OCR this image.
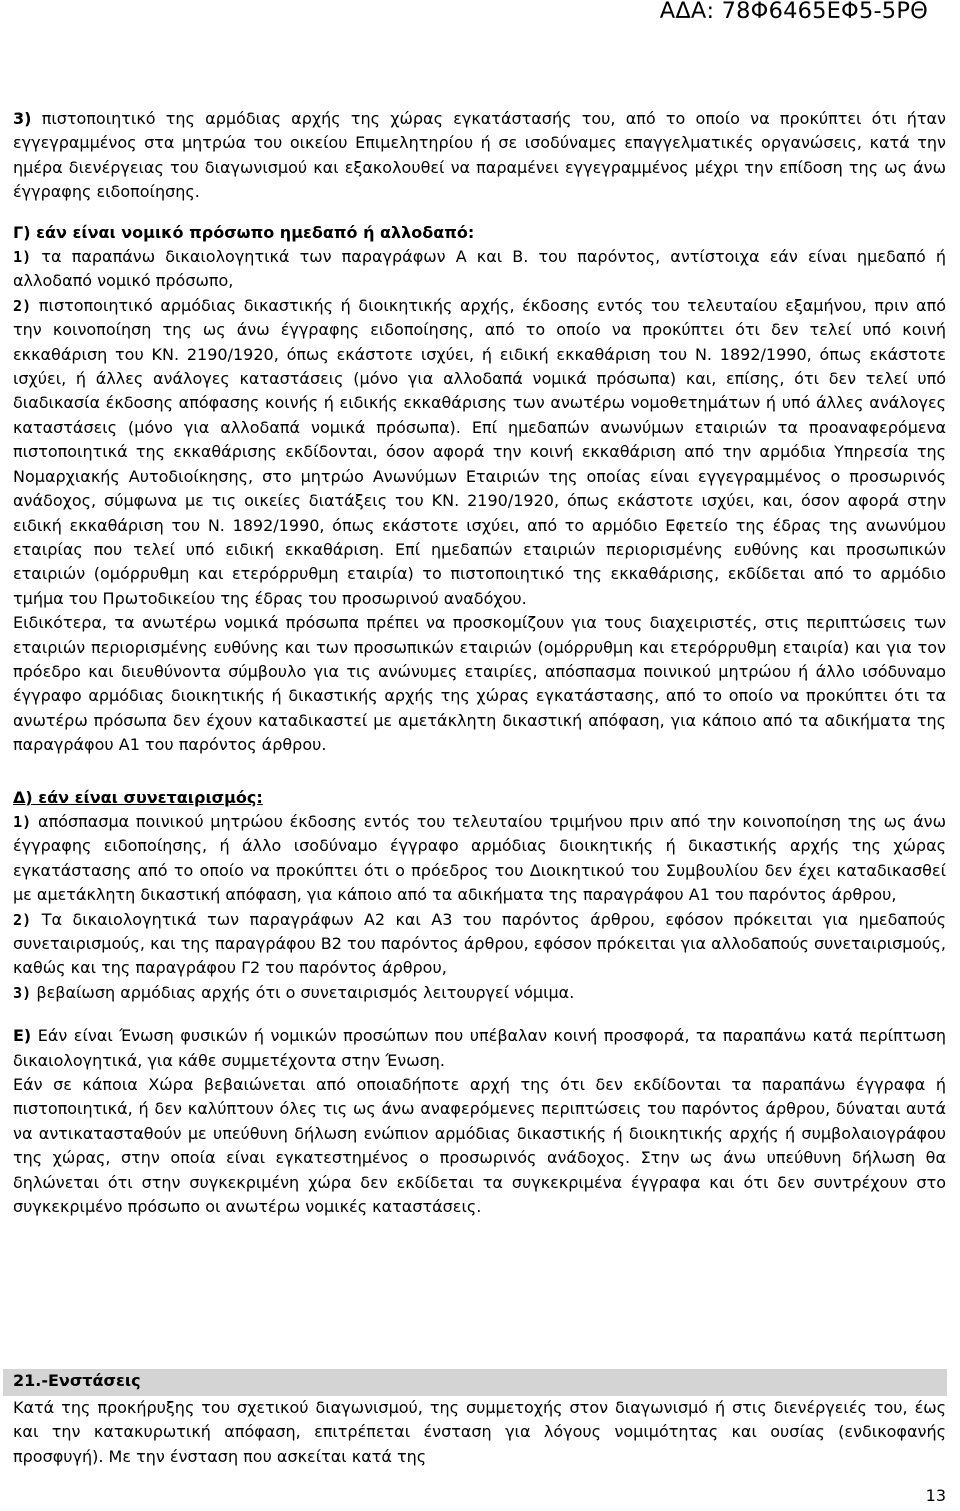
ΑΔΑ: 78Φ6465ΕΦ5-5ΡΘ

3) πιστοποιητικό της αρμόδιας αρχής της χώρας εγκατάστασής του, από το οποίο να προκύπτει ότι ήταν εγγεγραμμένος στα μητρώα του οικείου Επιμελητηρίου ή σε ισοδύναμες επαγγελματικές οργανώσεις, κατά την ημέρα διενέργειας του διαγωνισμού και εξακολουθεί να παραμένει εγγεγραμμένος μέχρι την επίδοση της ως άνω έγγραφης ειδοποίησης.

Γ) εάν είναι νομικό πρόσωπο ημεδαπό ή αλλοδαπό:

1) τα παραπάνω δικαιολογητικά των παραγράφων Α και Β. του παρόντος, αντίστοιχα εάν είναι ημεδαπό ή αλλοδαπό νομικό πρόσωπο,

2) πιστοποιητικό αρμόδιας δικαστικής ή διοικητικής αρχής, έκδοσης εντός του τελευταίου εξαμήνου, πριν από την κοινοποίηση της ως άνω έγγραφης ειδοποίησης, από το οποίο να προκύπτει ότι δεν τελεί υπό κοινή εκκαθάριση του ΚΝ. 2190/1920, όπως εκάστοτε ισχύει, ή ειδική εκκαθάριση του Ν. 1892/1990, όπως εκάστοτε ισχύει, ή άλλες ανάλογες καταστάσεις (μόνο για αλλοδαπά νομικά πρόσωπα) και, επίσης, ότι δεν τελεί υπό διαδικασία έκδοσης απόφασης κοινής ή ειδικής εκκαθάρισης των ανωτέρω νομοθετημάτων ή υπό άλλες ανάλογες καταστάσεις (μόνο για αλλοδαπά νομικά πρόσωπα). Επί ημεδαπών ανωνύμων εταιριών τα προαναφερόμενα πιστοποιητικά της εκκαθάρισης εκδίδονται, όσον αφορά την κοινή εκκαθάριση από την αρμόδια Υπηρεσία της Νομαρχιακής Αυτοδιοίκησης, στο μητρώο Ανωνύμων Εταιριών της οποίας είναι εγγεγραμμένος ο προσωρινός ανάδοχος, σύμφωνα με τις οικείες διατάξεις του ΚΝ. 2190/1920, όπως εκάστοτε ισχύει, και, όσον αφορά στην ειδική εκκαθάριση του Ν. 1892/1990, όπως εκάστοτε ισχύει, από το αρμόδιο Εφετείο της έδρας της ανωνύμου εταιρίας που τελεί υπό ειδική εκκαθάριση. Επί ημεδαπών εταιριών περιορισμένης ευθύνης και προσωπικών εταιριών (ομόρρυθμη και ετερόρρυθμη εταιρία) το πιστοποιητικό της εκκαθάρισης, εκδίδεται από το αρμόδιο τμήμα του Πρωτοδικείου της έδρας του προσωρινού αναδόχου.

Ειδικότερα, τα ανωτέρω νομικά πρόσωπα πρέπει να προσκομίζουν για τους διαχειριστές, στις περιπτώσεις των εταιριών περιορισμένης ευθύνης και των προσωπικών εταιριών (ομόρρυθμη και ετερόρρυθμη εταιρία) και για τον πρόεδρο και διευθύνοντα σύμβουλο για τις ανώνυμες εταιρίες, απόσπασμα ποινικού μητρώου ή άλλο ισόδυναμο έγγραφο αρμόδιας διοικητικής ή δικαστικής αρχής της χώρας εγκατάστασης, από το οποίο να προκύπτει ότι τα ανωτέρω πρόσωπα δεν έχουν καταδικαστεί με αμετάκλητη δικαστική απόφαση, για κάποιο από τα αδικήματα της παραγράφου Α1 του παρόντος άρθρου.

Δ) εάν είναι συνεταιρισμός:

1) απόσπασμα ποινικού μητρώου έκδοσης εντός του τελευταίου τριμήνου πριν από την κοινοποίηση της ως άνω έγγραφης ειδοποίησης, ή άλλο ισοδύναμο έγγραφο αρμόδιας διοικητικής ή δικαστικής αρχής της χώρας εγκατάστασης από το οποίο να προκύπτει ότι ο πρόεδρος του Διοικητικού του Συμβουλίου δεν έχει καταδικασθεί με αμετάκλητη δικαστική απόφαση, για κάποιο από τα αδικήματα της παραγράφου Α1 του παρόντος άρθρου,

2) Τα δικαιολογητικά των παραγράφων Α2 και Α3 του παρόντος άρθρου, εφόσον πρόκειται για ημεδαπούς συνεταιρισμούς, και της παραγράφου Β2 του παρόντος άρθρου, εφόσον πρόκειται για αλλοδαπούς συνεταιρισμούς, καθώς και της παραγράφου Γ2 του παρόντος άρθρου,

3) βεβαίωση αρμόδιας αρχής ότι ο συνεταιρισμός λειτουργεί νόμιμα.

Ε) Εάν είναι Ένωση φυσικών ή νομικών προσώπων που υπέβαλαν κοινή προσφορά, τα παραπάνω κατά περίπτωση δικαιολογητικά, για κάθε συμμετέχοντα στην Ένωση.

Εάν σε κάποια Χώρα βεβαιώνεται από οποιαδήποτε αρχή της ότι δεν εκδίδονται τα παραπάνω έγγραφα ή πιστοποιητικά, ή δεν καλύπτουν όλες τις ως άνω αναφερόμενες περιπτώσεις του παρόντος άρθρου, δύναται αυτά να αντικατασταθούν με υπεύθυνη δήλωση ενώπιον αρμόδιας δικαστικής ή διοικητικής αρχής ή συμβολαιογράφου της χώρας, στην οποία είναι εγκατεστημένος ο προσωρινός ανάδοχος. Στην ως άνω υπεύθυνη δήλωση θα δηλώνεται ότι στην συγκεκριμένη χώρα δεν εκδίδεται τα συγκεκριμένα έγγραφα και ότι δεν συντρέχουν στο συγκεκριμένο πρόσωπο οι ανωτέρω νομικές καταστάσεις.

21.-Ενστάσεις

Κατά της προκήρυξης του σχετικού διαγωνισμού, της συμμετοχής στον διαγωνισμό ή στις διενέργειές του, έως και την κατακυρωτική απόφαση, επιτρέπεται ένσταση για λόγους νομιμότητας και ουσίας (ενδικοφανής προσφυγή). Με την ένσταση που ασκείται κατά της

13
